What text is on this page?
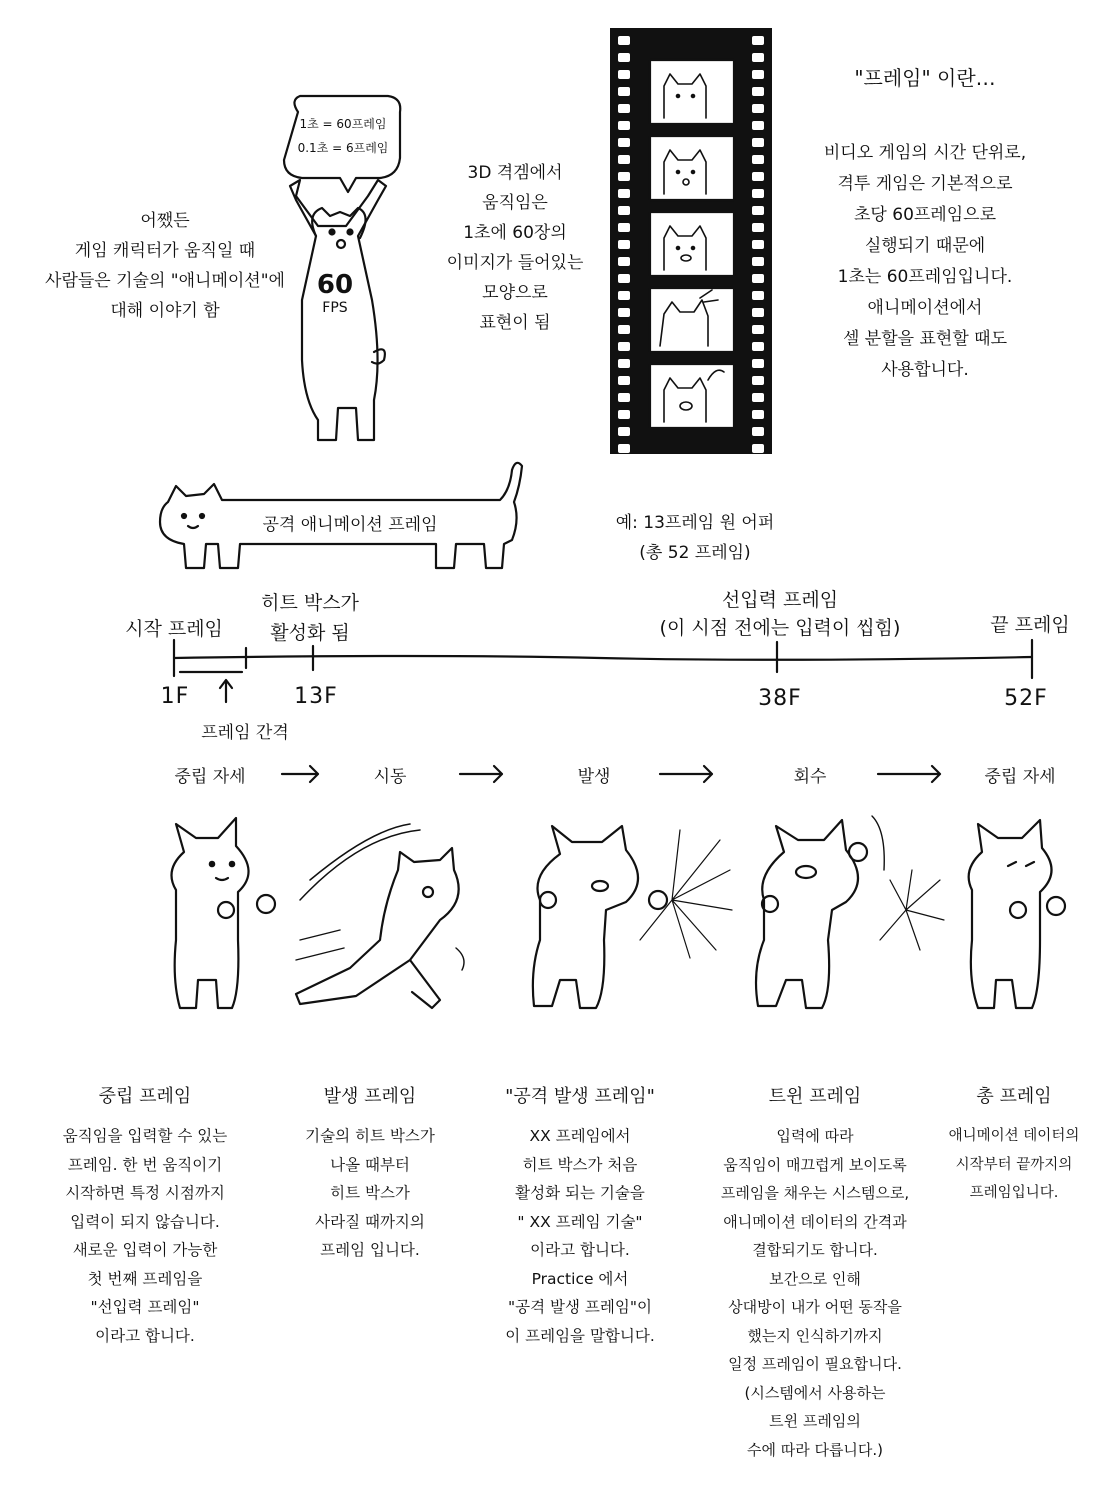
어쨌든
게임 캐릭터가 움직일 때
사람들은 기술의 "애니메이션"에
대해 이야기 함
1초 = 60프레임
0.1초 = 6프레임
60
FPS
3D 격겜에서
움직임은
1초에 60장의
이미지가 들어있는
모양으로
표현이 됨
"프레임" 이란…
비디오 게임의 시간 단위로,
격투 게임은 기본적으로
초당 60프레임으로
실행되기 때문에
1초는 60프레임입니다.
애니메이션에서
셀 분할을 표현할 때도
사용합니다.
공격 애니메이션 프레임	예: 13프레임 원 어퍼
(총 52 프레임)
시작 프레임
히트 박스가
활성화 됨
선입력 프레임
(이 시점 전에는 입력이 씹힘)	끝 프레임
1F	13F	38F	52F
프레임 간격
중립 자세	시동	발생	회수	중립 자세
중립 프레임
움직임을 입력할 수 있는
프레임. 한 번 움직이기
시작하면 특정 시점까지
입력이 되지 않습니다.
새로운 입력이 가능한
첫 번째 프레임을
"선입력 프레임"
이라고 합니다.
발생 프레임
기술의 히트 박스가
나올 때부터
히트 박스가
사라질 때까지의
프레임 입니다.
"공격 발생 프레임"
XX 프레임에서
히트 박스가 처음
활성화 되는 기술을
" XX 프레임 기술"
이라고 합니다.
Practice 에서
"공격 발생 프레임"이
이 프레임을 말합니다.
트윈 프레임
입력에 따라
움직임이 매끄럽게 보이도록
프레임을 채우는 시스템으로,
애니메이션 데이터의 간격과
결합되기도 합니다.
보간으로 인해
상대방이 내가 어떤 동작을
했는지 인식하기까지
일정 프레임이 필요합니다.
(시스템에서 사용하는
트윈 프레임의
수에 따라 다릅니다.)
총 프레임
애니메이션 데이터의
시작부터 끝까지의
프레임입니다.
